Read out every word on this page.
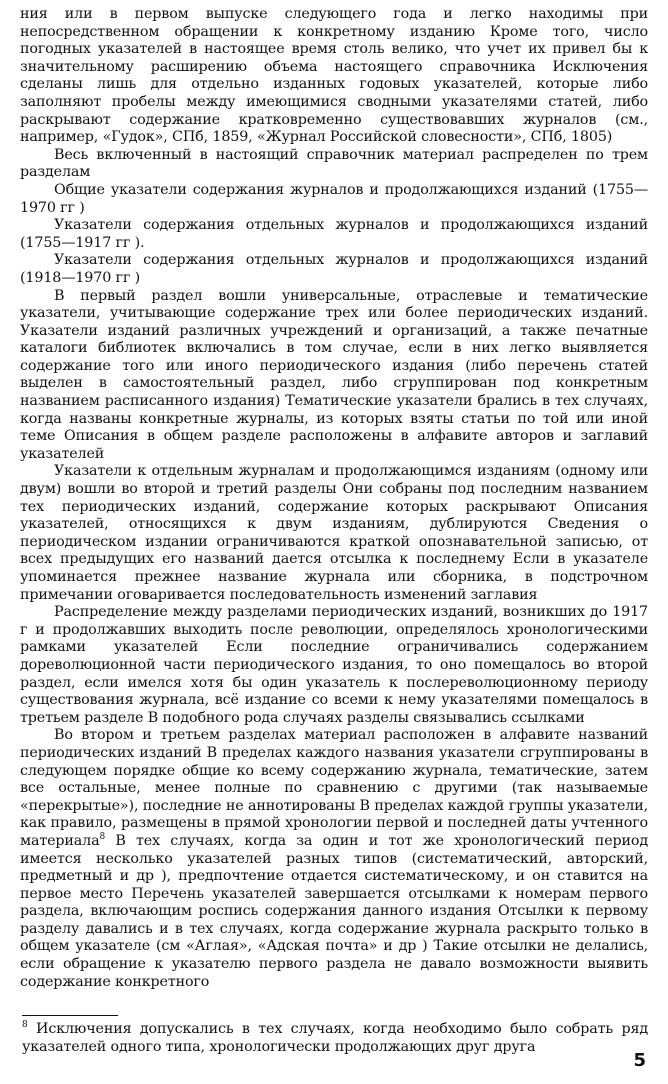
ния или в первом выпуске следующего года и легко находимы при непосредственном обращении к конкретному изданию Кроме того, число погодных указателей в настоящее время столь велико, что учет их привел бы к значительному расширению объема настоящего справочника Исключения сделаны лишь для отдельно изданных годовых указателей, которые либо заполняют пробелы между имеющимися сводными указателями статей, либо раскрывают содержание кратковременно существовавших журналов (см., например, «Гудок», СПб, 1859, «Журнал Российской словесности», СПб, 1805)

Весь включенный в настоящий справочник материал распределен по трем разделам

Общие указатели содержания журналов и продолжающихся изданий (1755—1970 гг )

Указатели содержания отдельных журналов и продолжающихся изданий (1755—1917 гг ).

Указатели содержания отдельных журналов и продолжающихся изданий (1918—1970 гг )

В первый раздел вошли универсальные, отраслевые и тематические указатели, учитывающие содержание трех или более периодических изданий. Указатели изданий различных учреждений и организаций, а также печатные каталоги библиотек включались в том случае, если в них легко выявляется содержание того или иного периодического издания (либо перечень статей выделен в самостоятельный раздел, либо сгруппирован под конкретным названием расписанного издания) Тематические указатели брались в тех случаях, когда названы конкретные журналы, из которых взяты статьи по той или иной теме Описания в общем разделе расположены в алфавите авторов и заглавий указателей

Указатели к отдельным журналам и продолжающимся изданиям (одному или двум) вошли во второй и третий разделы Они собраны под последним названием тех периодических изданий, содержание которых раскрывают Описания указателей, относящихся к двум изданиям, дублируются Сведения о периодическом издании ограничиваются краткой опознавательной записью, от всех предыдущих его названий дается отсылка к последнему Если в указателе упоминается прежнее название журнала или сборника, в подстрочном примечании оговаривается последовательность изменений заглавия

Распределение между разделами периодических изданий, возникших до 1917 г и продолжавших выходить после революции, определялось хронологическими рамками указателей Если последние ограничивались содержанием дореволюционной части периодического издания, то оно помещалось во второй раздел, если имелся хотя бы один указатель к послереволюционному периоду существования журнала, всё издание со всеми к нему указателями помещалось в третьем разделе В подобного рода случаях разделы связывались ссылками

Во втором и третьем разделах материал расположен в алфавите названий периодических изданий В пределах каждого названия указатели сгруппированы в следующем порядке общие ко всему содержанию журнала, тематические, затем все остальные, менее полные по сравнению с другими (так называемые «перекрытые»), последние не аннотированы В пределах каждой группы указатели, как правило, размещены в прямой хронологии первой и последней даты учтенного материала$^8$ В тех случаях, когда за один и тот же хронологический период имеется несколько указателей разных типов (систематический, авторский, предметный и др ), предпочтение отдается систематическому, и он ставится на первое место Перечень указателей завершается отсылками к номерам первого раздела, включающим роспись содержания данного издания Отсылки к первому разделу давались и в тех случаях, когда содержание журнала раскрыто только в общем указателе (см «Аглая», «Адская почта» и др ) Такие отсылки не делались, если обращение к указателю первого раздела не давало возможности выявить содержание конкретного

$^8$ Исключения допускались в тех случаях, когда необходимо было собрать ряд указателей одного типа, хронологически продолжающих друг друга

5
